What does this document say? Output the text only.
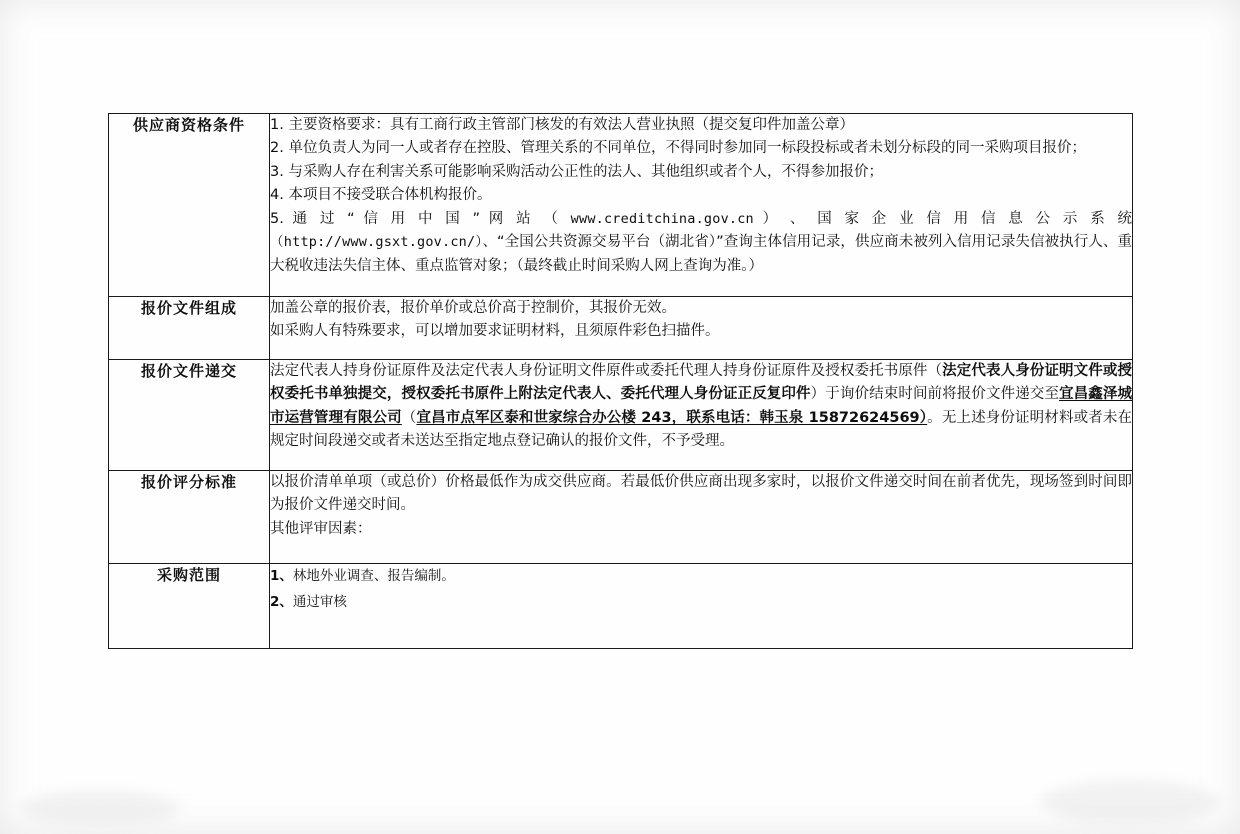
供应商资格条件	1. 主要资格要求：具有工商行政主管部门核发的有效法人营业执照（提交复印件加盖公章）

2. 单位负责人为同一人或者存在控股、管理关系的不同单位，不得同时参加同一标段投标或者未划分标段的同一采购项目报价；

3. 与采购人存在利害关系可能影响采购活动公正性的法人、其他组织或者个人，不得参加报价；

4. 本项目不接受联合体机构报价。

5. 通 过 “ 信 用 中 国 ” 网 站 （ www.creditchina.gov.cn ） 、 国 家 企 业 信 用 信 息 公 示 系 统（http://www.gsxt.gov.cn/）、“全国公共资源交易平台（湖北省）”查询主体信用记录，供应商未被列入信用记录失信被执行人、重大税收违法失信主体、重点监管对象；（最终截止时间采购人网上查询为准。）

报价文件组成	加盖公章的报价表，报价单价或总价高于控制价，其报价无效。

如采购人有特殊要求，可以增加要求证明材料，且须原件彩色扫描件。

报价文件递交	法定代表人持身份证原件及法定代表人身份证明文件原件或委托代理人持身份证原件及授权委托书原件（法定代表人身份证明文件或授权委托书单独提交，授权委托书原件上附法定代表人、委托代理人身份证正反复印件）于询价结束时间前将报价文件递交至宜昌鑫泽城市运营管理有限公司（宜昌市点军区泰和世家综合办公楼 243，联系电话：韩玉泉 15872624569）。无上述身份证明材料或者未在规定时间段递交或者未送达至指定地点登记确认的报价文件，不予受理。

报价评分标准	以报价清单单项（或总价）价格最低作为成交供应商。若最低价供应商出现多家时，以报价文件递交时间在前者优先，现场签到时间即为报价文件递交时间。

其他评审因素：

采购范围	1、林地外业调查、报告编制。

2、通过审核
